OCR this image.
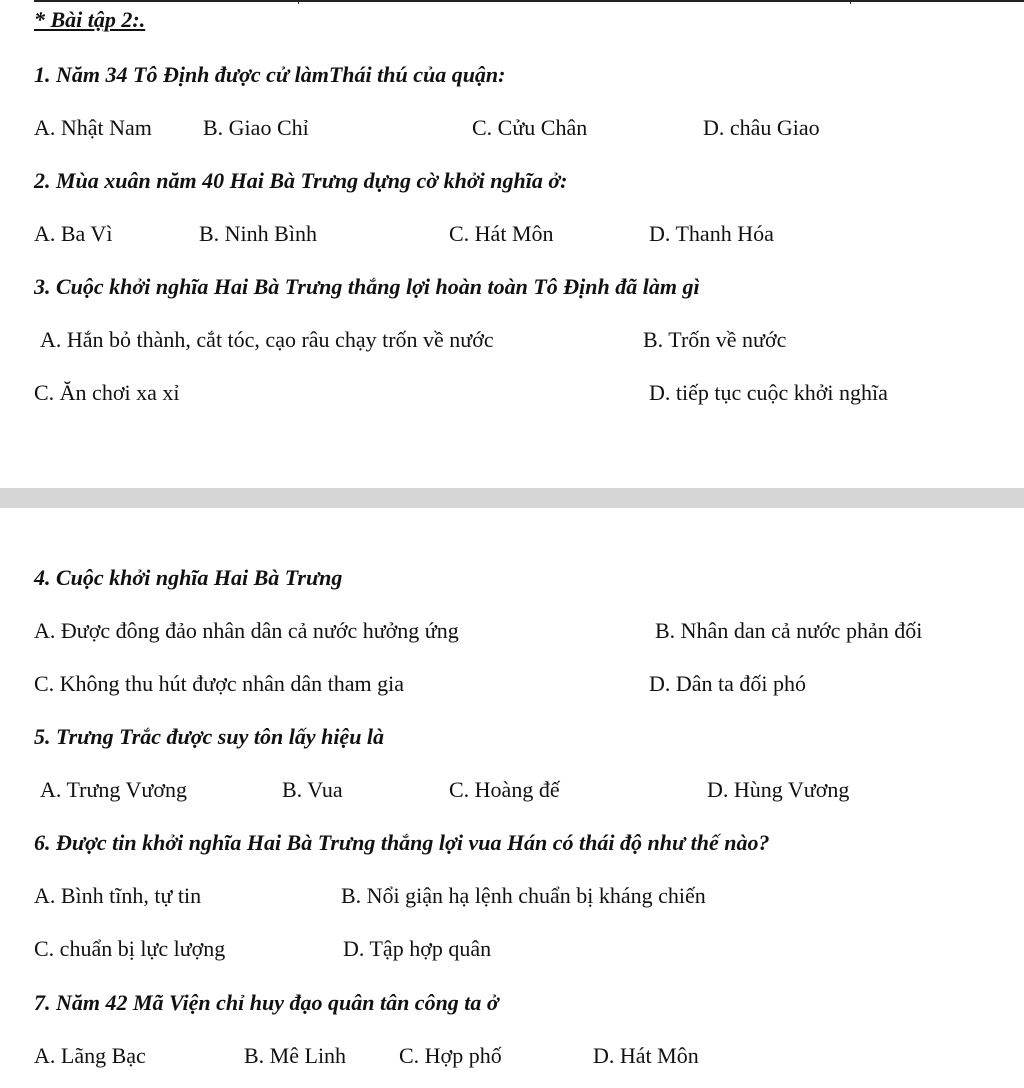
* Bài tập 2:.
1. Năm 34 Tô Định được cử làmThái thú của quận:
A. Nhật Nam B. Giao Chỉ	C. Cửu Chân	D. châu Giao
2. Mùa xuân năm 40 Hai Bà Trưng dựng cờ khởi nghĩa ở:
A. Ba Vì	B. Ninh Bình	C. Hát Môn	D. Thanh Hóa
3. Cuộc khởi nghĩa Hai Bà Trưng thắng lợi hoàn toàn Tô Định đã làm gì
A. Hắn bỏ thành, cắt tóc, cạo râu chạy trốn về nước	B. Trốn về nước
C. Ăn chơi xa xỉ	D. tiếp tục cuộc khởi nghĩa
4. Cuộc khởi nghĩa Hai Bà Trưng
A. Được đông đảo nhân dân cả nước hưởng ứng	B. Nhân dan cả nước phản đối
C. Không thu hút được nhân dân tham gia	D. Dân ta đối phó
5. Trưng Trắc được suy tôn lấy hiệu là
A. Trưng Vương	B. Vua	C. Hoàng đế	D. Hùng Vương
6. Được tin khởi nghĩa Hai Bà Trưng thắng lợi vua Hán có thái độ như thế nào?
A. Bình tĩnh, tự tin	B. Nổi giận hạ lệnh chuẩn bị kháng chiến
C. chuẩn bị lực lượng	D. Tập hợp quân
7. Năm 42 Mã Viện chỉ huy đạo quân tân công ta ở
A. Lãng Bạc	B. Mê Linh C. Hợp phố	D. Hát Môn
